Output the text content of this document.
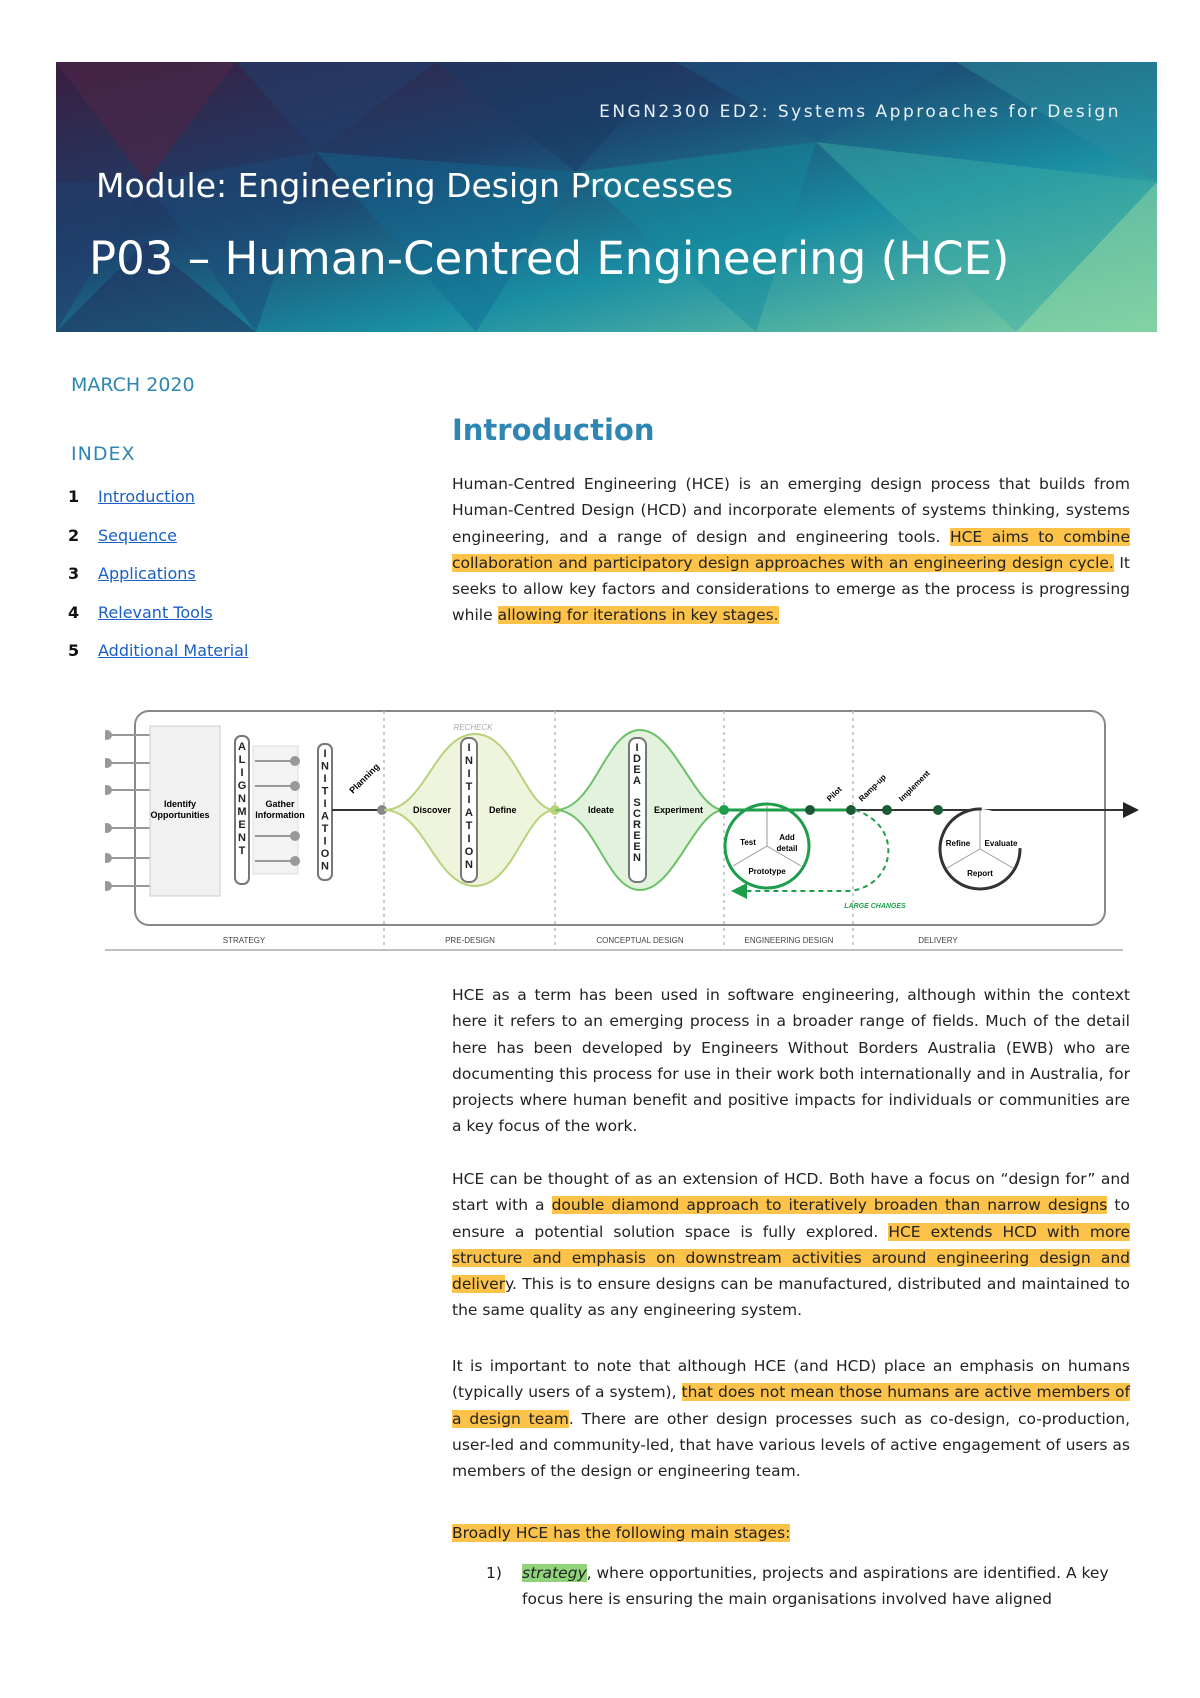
ENGN2300 ED2: Systems Approaches for Design
Module: Engineering Design Processes
P03 – Human-Centred Engineering (HCE)
MARCH 2020
INDEX
1 Introduction
2 Sequence
3 Applications
4 Relevant Tools
5 Additional Material
Introduction

Human-Centred Engineering (HCE) is an emerging design process that builds from Human-Centred Design (HCD) and incorporate elements of systems thinking, systems engineering, and a range of design and engineering tools. HCE aims to combine collaboration and participatory design approaches with an engineering design cycle. It seeks to allow key factors and considerations to emerge as the process is progressing while allowing for iterations in key stages.

A L I G N M E N T
Identify
Opportunities
Gather
Information
I N I T I A T I O N
Planning
RECHECK
I N I T I A T I O N
Discover	Define
I D E A S C R E E N
Ideate	Experiment
Test
Add
detail
Prototype
Pilot Ramp-up Implement
LARGE CHANGES
Refine Evaluate
Report
STRATEGY	PRE-DESIGN	CONCEPTUAL DESIGN	ENGINEERING DESIGN	DELIVERY

HCE as a term has been used in software engineering, although within the context here it refers to an emerging process in a broader range of fields. Much of the detail here has been developed by Engineers Without Borders Australia (EWB) who are documenting this process for use in their work both internationally and in Australia, for projects where human benefit and positive impacts for individuals or communities are a key focus of the work.

HCE can be thought of as an extension of HCD. Both have a focus on “design for” and start with a double diamond approach to iteratively broaden than narrow designs to ensure a potential solution space is fully explored. HCE extends HCD with more structure and emphasis on downstream activities around engineering design and delivery. This is to ensure designs can be manufactured, distributed and maintained to the same quality as any engineering system.

It is important to note that although HCE (and HCD) place an emphasis on humans (typically users of a system), that does not mean those humans are active members of a design team. There are other design processes such as co-design, co-production, user-led and community-led, that have various levels of active engagement of users as members of the design or engineering team.

Broadly HCE has the following main stages:
1) strategy, where opportunities, projects and aspirations are identified. A key focus here is ensuring the main organisations involved have aligned
